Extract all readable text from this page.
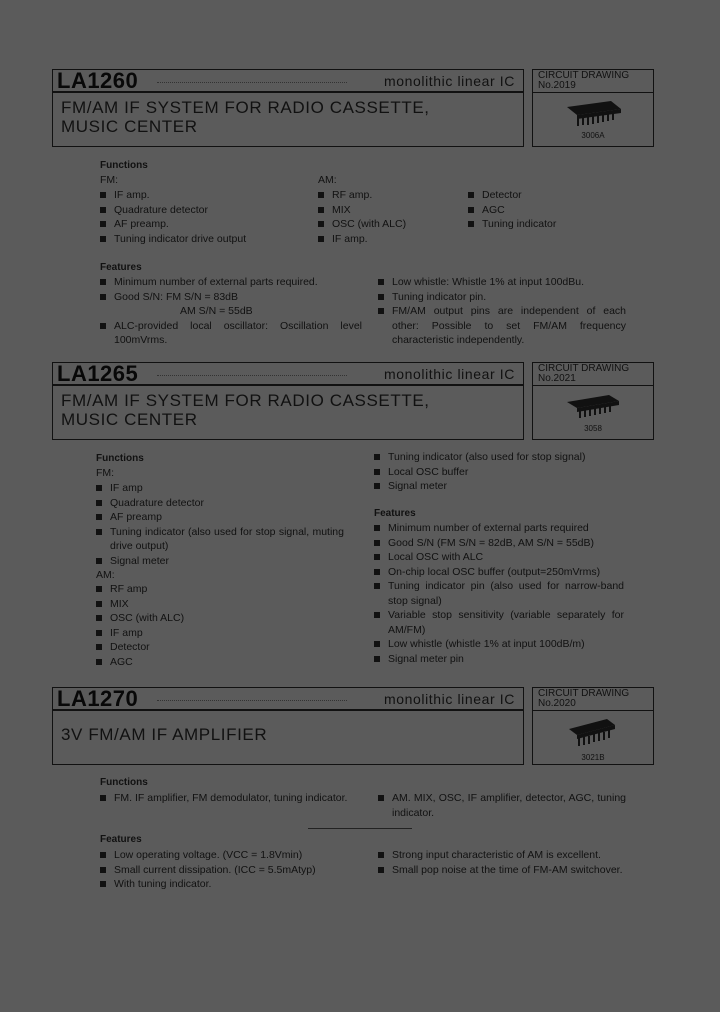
LA1260	monolithic linear IC
FM/AM IF SYSTEM FOR RADIO CASSETTE,
MUSIC CENTER
CIRCUIT DRAWING
No.2019
3006A
Functions
FM:
IF amp.
Quadrature detector
AF preamp.
Tuning indicator drive output
AM:
RF amp.
MIX
OSC (with ALC)
IF amp.
Detector
AGC
Tuning indicator
Features
Minimum number of external parts required.
Good S/N: FM S/N = 83dB
AM S/N = 55dB
ALC-provided local oscillator: Oscillation level 100mVrms.
Low whistle: Whistle 1% at input 100dBu.
Tuning indicator pin.
FM/AM output pins are independent of each other: Possible to set FM/AM frequency characteristic independently.
LA1265	monolithic linear IC
FM/AM IF SYSTEM FOR RADIO CASSETTE,
MUSIC CENTER
CIRCUIT DRAWING
No.2021
3058
Functions
FM:
IF amp
Quadrature detector
AF preamp
Tuning indicator (also used for stop signal, muting drive output)
Signal meter
AM:
RF amp
MIX
OSC (with ALC)
IF amp
Detector
AGC
Tuning indicator (also used for stop signal)
Local OSC buffer
Signal meter
Features
Minimum number of external parts required
Good S/N (FM S/N = 82dB, AM S/N = 55dB)
Local OSC with ALC
On-chip local OSC buffer (output=250mVrms)
Tuning indicator pin (also used for narrow-band stop signal)
Variable stop sensitivity (variable separately for AM/FM)
Low whistle (whistle 1% at input 100dB/m)
Signal meter pin
LA1270	monolithic linear IC
3V FM/AM IF AMPLIFIER
CIRCUIT DRAWING
No.2020
3021B
Functions
FM. IF amplifier, FM demodulator, tuning indicator.	AM. MIX, OSC, IF amplifier, detector, AGC, tuning indicator.
Features
Low operating voltage. (VCC = 1.8Vmin)
Small current dissipation. (ICC = 5.5mAtyp)
With tuning indicator.
Strong input characteristic of AM is excellent.
Small pop noise at the time of FM-AM switchover.
